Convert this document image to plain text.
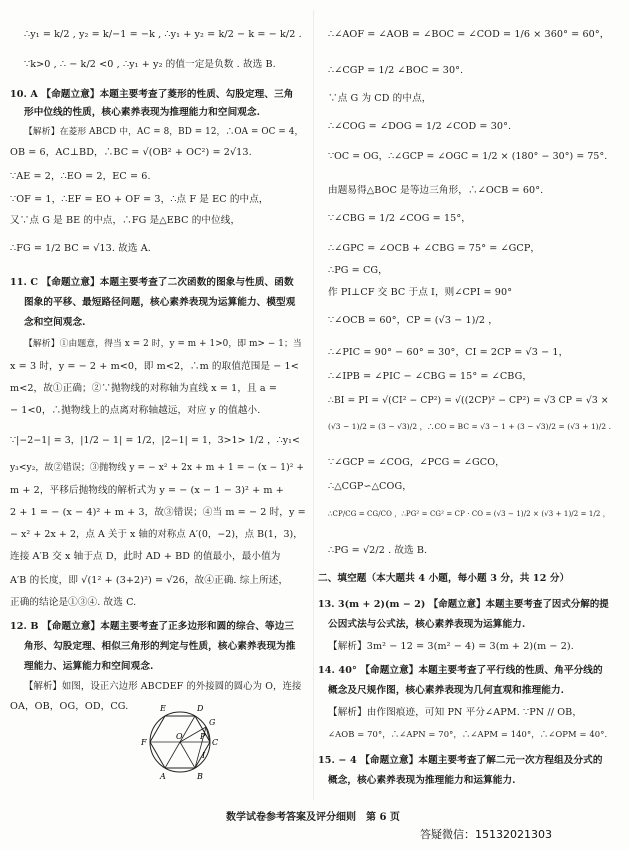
∴y₁ = k/2 , y₂ = k/−1 = −k , ∴y₁ + y₂ = k/2 − k = − k/2 .
∵k>0 , ∴ − k/2 <0 , ∴y₁ + y₂ 的值一定是负数 . 故选 B.
10. A 【命题立意】本题主要考查了菱形的性质、勾股定理、三角
形中位线的性质，核心素养表现为推理能力和空间观念.
【解析】在菱形 ABCD 中，AC = 8，BD = 12，∴OA = OC = 4，
OB = 6，AC⊥BD，∴BC = √(OB² + OC²) = 2√13.
∵AE = 2，∴EO = 2，EC = 6.
∵OF = 1，∴EF = EO + OF = 3，∴点 F 是 EC 的中点，
又∵点 G 是 BE 的中点，∴FG 是△EBC 的中位线，
∴FG = 1/2 BC = √13. 故选 A.
11. C 【命题立意】本题主要考查了二次函数的图象与性质、函数
图象的平移、最短路径问题，核心素养表现为运算能力、模型观
念和空间观念.
【解析】①由题意，得当 x = 2 时，y = m + 1>0，即 m> − 1；当
x = 3 时，y = − 2 + m<0，即 m<2，∴m 的取值范围是 − 1<
m<2，故①正确；②∵抛物线的对称轴为直线 x = 1，且 a =
− 1<0，∴抛物线上的点离对称轴越远，对应 y 的值越小.
∵|−2−1| = 3，|1/2 − 1| = 1/2，|2−1| = 1，3>1> 1/2 ，∴y₁<
y₃<y₂，故②错误；③抛物线 y = − x² + 2x + m + 1 = − (x − 1)² +
m + 2，平移后抛物线的解析式为 y = − (x − 1 − 3)² + m +
2 + 1 = − (x − 4)² + m + 3，故③错误；④当 m = − 2 时，y =
− x² + 2x + 2，点 A 关于 x 轴的对称点 A′(0，−2)，点 B(1，3)，
连接 A′B 交 x 轴于点 D，此时 AD + BD 的值最小，最小值为
A′B 的长度，即 √(1² + (3+2)²) = √26，故④正确. 综上所述，
正确的结论是①③④. 故选 C.
12. B 【命题立意】本题主要考查了正多边形和圆的综合、等边三
角形、勾股定理、相似三角形的判定与性质，核心素养表现为推
理能力、运算能力和空间观念.
【解析】如图，设正六边形 ABCDEF 的外接圆的圆心为 O，连接
OA，OB，OG，OD，CG.	E	D
G
O P
F	C
I
A	B
∴∠AOF = ∠AOB = ∠BOC = ∠COD = 1/6 × 360° = 60°，
∴∠CGP = 1/2 ∠BOC = 30°.
∵点 G 为 CD 的中点，
∴∠COG = ∠DOG = 1/2 ∠COD = 30°.
∵OC = OG，∴∠GCP = ∠OGC = 1/2 × (180° − 30°) = 75°.
由题易得△BOC 是等边三角形，∴∠OCB = 60°.
∵∠CBG = 1/2 ∠COG = 15°，
∴∠GPC = ∠OCB + ∠CBG = 75° = ∠GCP，
∴PG = CG，
作 PI⊥CF 交 BC 于点 I，则∠CPI = 90°
∵∠OCB = 60°，CP = (√3 − 1)/2 ，
∴∠PIC = 90° − 60° = 30°，CI = 2CP = √3 − 1，
∴∠IPB = ∠PIC − ∠CBG = 15° = ∠CBG，
∴BI = PI = √(CI² − CP²) = √((2CP)² − CP²) = √3 CP = √3 ×
(√3 − 1)/2 = (3 − √3)/2 ，∴CO = BC = √3 − 1 + (3 − √3)/2 = (√3 + 1)/2 .
∵∠GCP = ∠COG，∠PCG = ∠GCO，
∴△CGP∽△COG，
∴CP/CG = CG/CO ，∴PG² = CG² = CP · CO = (√3 − 1)/2 × (√3 + 1)/2 = 1/2 ，
∴PG = √2/2 . 故选 B.
二、填空题（本大题共 4 小题，每小题 3 分，共 12 分）
13. 3(m + 2)(m − 2) 【命题立意】本题主要考查了因式分解的提
公因式法与公式法，核心素养表现为运算能力.
【解析】3m² − 12 = 3(m² − 4) = 3(m + 2)(m − 2).
14. 40° 【命题立意】本题主要考查了平行线的性质、角平分线的
概念及尺规作图，核心素养表现为几何直观和推理能力.
【解析】由作图痕迹，可知 PN 平分∠APM. ∵PN // OB，
∠AOB = 70°，∴∠APN = 70°，∴∠APM = 140°，∴∠OPM = 40°.
15. − 4 【命题立意】本题主要考查了解二元一次方程组及分式的
概念，核心素养表现为推理能力和运算能力.
数学试卷参考答案及评分细则　第 6 页
答疑微信：15132021303
